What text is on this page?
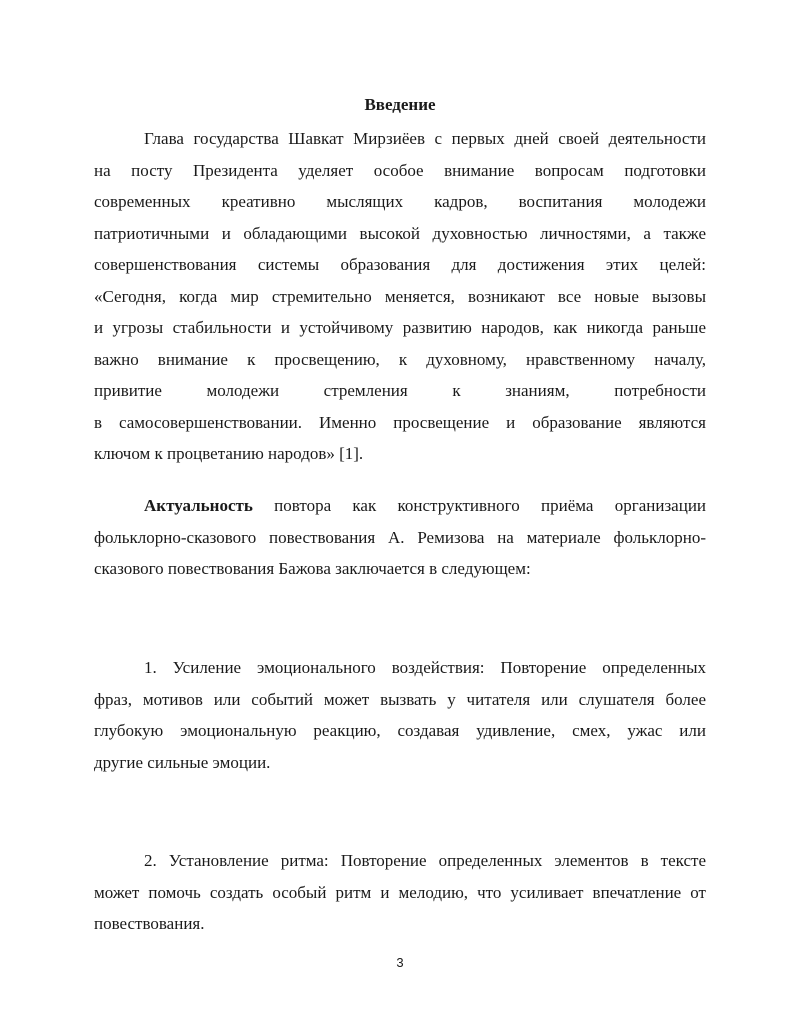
Введение
Глава государства Шавкат Мирзиёев с первых дней своей деятельности
на посту Президента уделяет особое внимание вопросам подготовки
современных креативно мыслящих кадров, воспитания молодежи
патриотичными и обладающими высокой духовностью личностями, а также
совершенствования системы образования для достижения этих целей:
«Сегодня, когда мир стремительно меняется, возникают все новые вызовы
и угрозы стабильности и устойчивому развитию народов, как никогда раньше
важно внимание к просвещению, к духовному, нравственному началу,
привитие молодежи стремления к знаниям, потребности
в самосовершенствовании. Именно просвещение и образование являются
ключом к процветанию народов» [1].
Актуальность повтора как конструктивного приёма организации
фольклорно-сказового повествования А. Ремизова на материале фольклорно-
сказового повествования Бажова заключается в следующем:
1. Усиление эмоционального воздействия: Повторение определенных
фраз, мотивов или событий может вызвать у читателя или слушателя более
глубокую эмоциональную реакцию, создавая удивление, смех, ужас или
другие сильные эмоции.
2. Установление ритма: Повторение определенных элементов в тексте
может помочь создать особый ритм и мелодию, что усиливает впечатление от
повествования.
3
